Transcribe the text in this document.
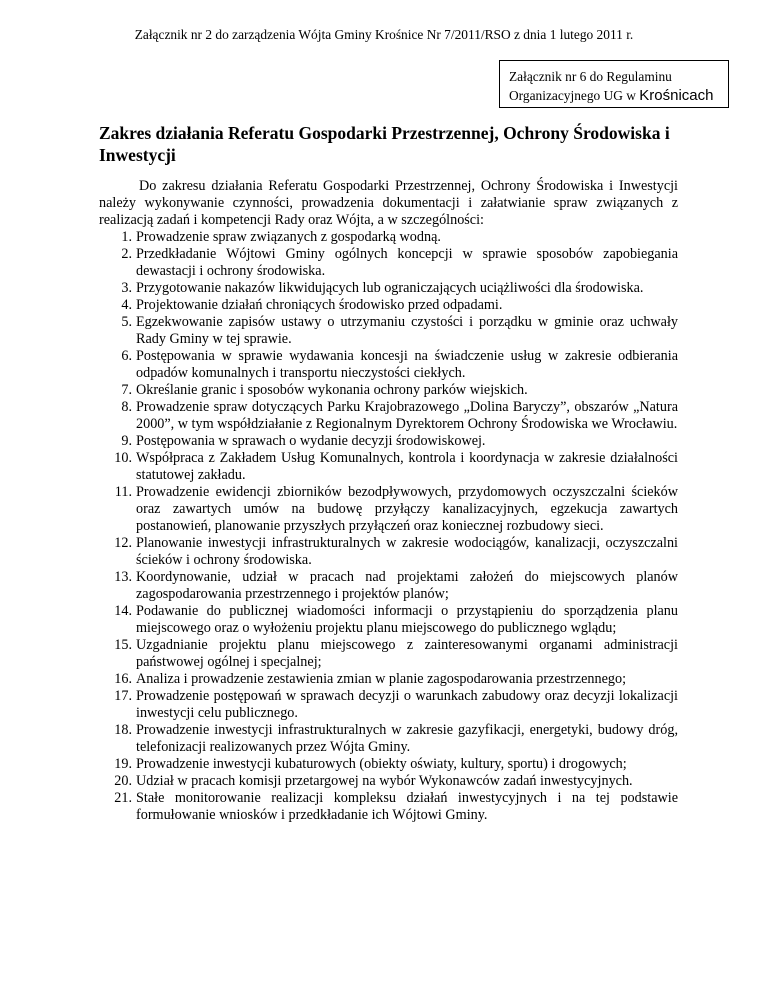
Załącznik nr 2 do zarządzenia Wójta Gminy Krośnice Nr 7/2011/RSO z dnia 1 lutego 2011 r.
Załącznik nr 6 do Regulaminu
Organizacyjnego UG w Krośnicach
Zakres działania Referatu Gospodarki Przestrzennej, Ochrony Środowiska i Inwestycji
Do zakresu działania Referatu Gospodarki Przestrzennej, Ochrony Środowiska i Inwestycji należy wykonywanie czynności, prowadzenia dokumentacji i załatwianie spraw związanych z realizacją zadań i kompetencji Rady oraz Wójta, a w szczególności:
1. Prowadzenie spraw związanych z gospodarką wodną.
2. Przedkładanie Wójtowi Gminy ogólnych koncepcji w sprawie sposobów zapobiegania dewastacji i ochrony środowiska.
3. Przygotowanie nakazów likwidujących lub ograniczających uciążliwości dla środowiska.
4. Projektowanie działań chroniących środowisko przed odpadami.
5. Egzekwowanie zapisów ustawy o utrzymaniu czystości i porządku w gminie oraz uchwały Rady Gminy w tej sprawie.
6. Postępowania w sprawie wydawania koncesji na świadczenie usług w zakresie odbierania odpadów komunalnych i transportu nieczystości ciekłych.
7. Określanie granic i sposobów wykonania ochrony parków wiejskich.
8. Prowadzenie spraw dotyczących Parku Krajobrazowego „Dolina Baryczy”, obszarów „Natura 2000”, w tym współdziałanie z Regionalnym Dyrektorem Ochrony Środowiska we Wrocławiu.
9. Postępowania w sprawach o wydanie decyzji środowiskowej.
10. Współpraca z Zakładem Usług Komunalnych, kontrola i koordynacja w zakresie działalności statutowej zakładu.
11. Prowadzenie ewidencji zbiorników bezodpływowych, przydomowych oczyszczalni ścieków oraz zawartych umów na budowę przyłączy kanalizacyjnych, egzekucja zawartych postanowień, planowanie przyszłych przyłączeń oraz koniecznej rozbudowy sieci.
12. Planowanie inwestycji infrastrukturalnych w zakresie wodociągów, kanalizacji, oczyszczalni ścieków i ochrony środowiska.
13. Koordynowanie, udział w pracach nad projektami założeń do miejscowych planów zagospodarowania przestrzennego i projektów planów;
14. Podawanie do publicznej wiadomości informacji o przystąpieniu do sporządzenia planu miejscowego oraz o wyłożeniu projektu planu miejscowego do publicznego wglądu;
15. Uzgadnianie projektu planu miejscowego z zainteresowanymi organami administracji państwowej ogólnej i specjalnej;
16. Analiza i prowadzenie zestawienia zmian w planie zagospodarowania przestrzennego;
17. Prowadzenie postępowań w sprawach decyzji o warunkach zabudowy oraz decyzji lokalizacji inwestycji celu publicznego.
18. Prowadzenie inwestycji infrastrukturalnych w zakresie gazyfikacji, energetyki, budowy dróg, telefonizacji realizowanych przez Wójta Gminy.
19. Prowadzenie inwestycji kubaturowych (obiekty oświaty, kultury, sportu) i drogowych;
20. Udział w pracach komisji przetargowej na wybór Wykonawców zadań inwestycyjnych.
21. Stałe monitorowanie realizacji kompleksu działań inwestycyjnych i na tej podstawie formułowanie wniosków i przedkładanie ich Wójtowi Gminy.
